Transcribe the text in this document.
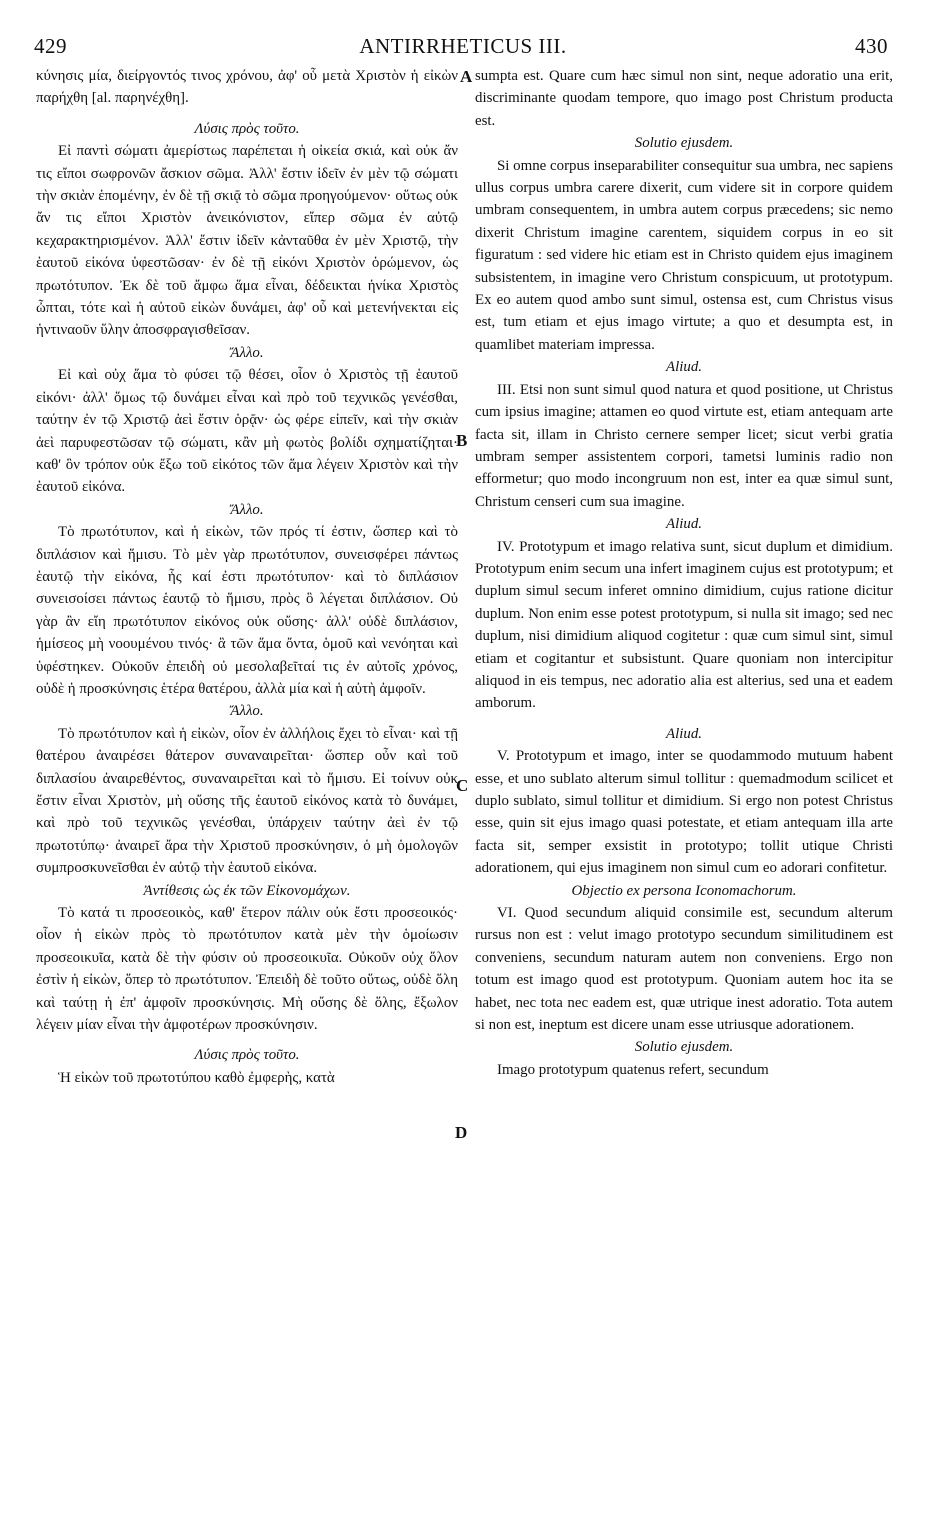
ANTIRRHETICUS III.
429	430

κύνησις μία, διείργοντός τινος χρόνου, ἀφ' οὗ μετὰ Χριστὸν ἡ εἰκὼν παρήχθη [al. παρηνέχθη].

Λύσις πρὸς τοῦτο.

Εἰ παντὶ σώματι ἀμερίστως παρέπεται ἡ οἰκεία σκιά, καὶ οὐκ ἄν τις εἴποι σωφρονῶν ἄσκιον σῶμα. Ἀλλ' ἔστιν ἰδεῖν ἐν μὲν τῷ σώματι τὴν σκιὰν ἑπομένην, ἐν δὲ τῇ σκιᾷ τὸ σῶμα προηγούμενον· οὕτως οὐκ ἄν τις εἴποι Χριστὸν ἀνεικόνιστον, εἴπερ σῶμα ἐν αὐτῷ κεχαρακτηρισμένον. Ἀλλ' ἔστιν ἰδεῖν κἀνταῦθα ἐν μὲν Χριστῷ, τὴν ἑαυτοῦ εἰκόνα ὑφεστῶσαν· ἐν δὲ τῇ εἰκόνι Χριστὸν ὁρώμενον, ὡς πρωτότυπον. Ἐκ δὲ τοῦ ἄμφω ἅμα εἶναι, δέδεικται ἡνίκα Χριστὸς ὦπται, τότε καὶ ἡ αὐτοῦ εἰκὼν δυνάμει, ἀφ' οὗ καὶ μετενήνεκται εἰς ἡντιναοῦν ὕλην ἀποσφραγισθεῖσαν.

Ἄλλο.

Εἰ καὶ οὐχ ἅμα τὸ φύσει τῷ θέσει, οἷον ὁ Χριστὸς τῇ ἑαυτοῦ εἰκόνι· ἀλλ' ὅμως τῷ δυνάμει εἶναι καὶ πρὸ τοῦ τεχνικῶς γενέσθαι, ταύτην ἐν τῷ Χριστῷ ἀεὶ ἔστιν ὁρᾷν· ὡς φέρε εἰπεῖν, καὶ τὴν σκιὰν ἀεὶ παρυφεστῶσαν τῷ σώματι, κἂν μὴ φωτὸς βολίδι σχηματίζηται· καθ' ὃν τρόπον οὐκ ἔξω τοῦ εἰκότος τῶν ἅμα λέγειν Χριστὸν καὶ τὴν ἑαυτοῦ εἰκόνα.

Ἄλλο.

Τὸ πρωτότυπον, καὶ ἡ εἰκὼν, τῶν πρός τί ἐστιν, ὥσπερ καὶ τὸ διπλάσιον καὶ ἥμισυ. Τὸ μὲν γὰρ πρωτότυπον, συνεισφέρει πάντως ἑαυτῷ τὴν εἰκόνα, ἧς καί ἐστι πρωτότυπον· καὶ τὸ διπλάσιον συνεισοίσει πάντως ἑαυτῷ τὸ ἥμισυ, πρὸς ὃ λέγεται διπλάσιον. Οὐ γὰρ ἂν εἴη πρωτότυπον εἰκόνος οὐκ οὔσης· ἀλλ' οὐδὲ διπλάσιον, ἡμίσεος μὴ νοουμένου τινός· ἃ τῶν ἅμα ὄντα, ὁμοῦ καὶ νενόηται καὶ ὑφέστηκεν. Οὐκοῦν ἐπειδὴ οὐ μεσολαβεῖταί τις ἐν αὐτοῖς χρόνος, οὐδὲ ἡ προσκύνησις ἑτέρα θατέρου, ἀλλὰ μία καὶ ἡ αὐτὴ ἀμφοῖν.

Ἄλλο.

Τὸ πρωτότυπον καὶ ἡ εἰκὼν, οἷον ἐν ἀλλήλοις ἔχει τὸ εἶναι· καὶ τῇ θατέρου ἀναιρέσει θάτερον συναναιρεῖται· ὥσπερ οὖν καὶ τοῦ διπλασίου ἀναιρεθέντος, συναναιρεῖται καὶ τὸ ἥμισυ. Εἰ τοίνυν οὐκ ἔστιν εἶναι Χριστὸν, μὴ οὔσης τῆς ἑαυτοῦ εἰκόνος κατὰ τὸ δυνάμει, καὶ πρὸ τοῦ τεχνικῶς γενέσθαι, ὑπάρχειν ταύτην ἀεὶ ἐν τῷ πρωτοτύπῳ· ἀναιρεῖ ἄρα τὴν Χριστοῦ προσκύνησιν, ὁ μὴ ὁμολογῶν συμπροσκυνεῖσθαι ἐν αὐτῷ τὴν ἑαυτοῦ εἰκόνα.

Ἀντίθεσις ὡς ἐκ τῶν Εἰκονομάχων.

Τὸ κατά τι προσεοικὸς, καθ' ἕτερον πάλιν οὐκ ἔστι προσεοικός· οἷον ἡ εἰκὼν πρὸς τὸ πρωτότυπον κατὰ μὲν τὴν ὁμοίωσιν προσεοικυῖα, κατὰ δὲ τὴν φύσιν οὐ προσεοικυῖα. Οὐκοῦν οὐχ ὅλον ἐστὶν ἡ εἰκὼν, ὅπερ τὸ πρωτότυπον. Ἐπειδὴ δὲ τοῦτο οὕτως, οὐδὲ ὅλη καὶ ταύτῃ ἡ ἐπ' ἀμφοῖν προσκύνησις. Μὴ οὔσης δὲ ὅλης, ἔξωλον λέγειν μίαν εἶναι τὴν ἀμφοτέρων προσκύνησιν.

Λύσις πρὸς τοῦτο.

Ἡ εἰκὼν τοῦ πρωτοτύπου καθὸ ἐμφερὴς, κατὰ

A
B
C
D

sumpta est. Quare cum hæc simul non sint, neque adoratio una erit, discriminante quodam tempore, quo imago post Christum producta est.

Solutio ejusdem.

Si omne corpus inseparabiliter consequitur sua umbra, nec sapiens ullus corpus umbra carere dixerit, cum videre sit in corpore quidem umbram consequentem, in umbra autem corpus præcedens; sic nemo dixerit Christum imagine carentem, siquidem corpus in eo sit figuratum : sed videre hic etiam est in Christo quidem ejus imaginem subsistentem, in imagine vero Christum conspicuum, ut prototypum. Ex eo autem quod ambo sunt simul, ostensa est, cum Christus visus est, tum etiam et ejus imago virtute; a quo et desumpta est, in quamlibet materiam impressa.

Aliud.

III. Etsi non sunt simul quod natura et quod positione, ut Christus cum ipsius imagine; attamen eo quod virtute est, etiam antequam arte facta sit, illam in Christo cernere semper licet; sicut verbi gratia umbram semper assistentem corpori, tametsi luminis radio non efformetur; quo modo incongruum non est, inter ea quæ simul sunt, Christum censeri cum sua imagine.

Aliud.

IV. Prototypum et imago relativa sunt, sicut duplum et dimidium. Prototypum enim secum una infert imaginem cujus est prototypum; et duplum simul secum inferet omnino dimidium, cujus ratione dicitur duplum. Non enim esse potest prototypum, si nulla sit imago; sed nec duplum, nisi dimidium aliquod cogitetur : quæ cum simul sint, simul etiam et cogitantur et subsistunt. Quare quoniam non intercipitur aliquod in eis tempus, nec adoratio alia est alterius, sed una et eadem amborum.

Aliud.

V. Prototypum et imago, inter se quodammodo mutuum habent esse, et uno sublato alterum simul tollitur : quemadmodum scilicet et duplo sublato, simul tollitur et dimidium. Si ergo non potest Christus esse, quin sit ejus imago quasi potestate, et etiam antequam illa arte facta sit, semper exsistit in prototypo; tollit utique Christi adorationem, qui ejus imaginem non simul cum eo adorari confitetur.

Objectio ex persona Iconomachorum.

VI. Quod secundum aliquid consimile est, secundum alterum rursus non est : velut imago prototypo secundum similitudinem est conveniens, secundum naturam autem non conveniens. Ergo non totum est imago quod est prototypum. Quoniam autem hoc ita se habet, nec tota nec eadem est, quæ utrique inest adoratio. Tota autem si non est, ineptum est dicere unam esse utriusque adorationem.

Solutio ejusdem.

Imago prototypum quatenus refert, secundum
